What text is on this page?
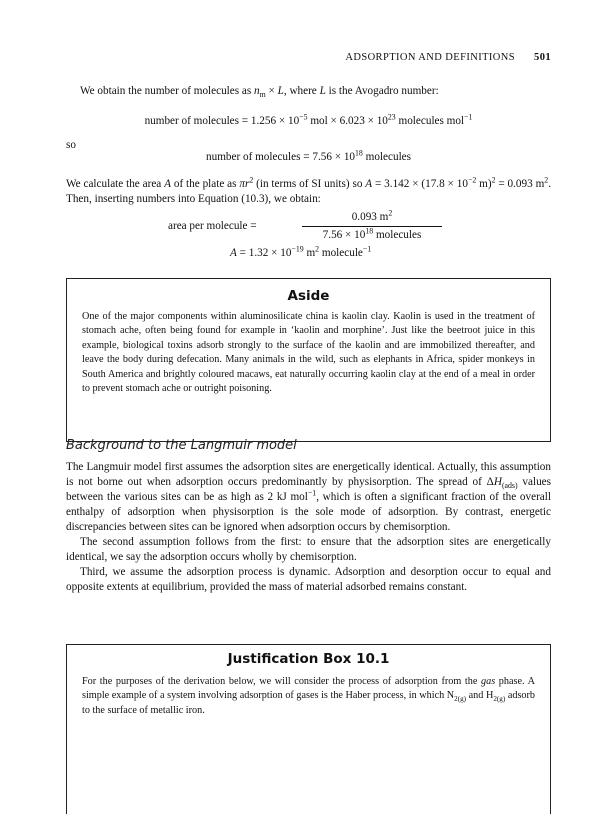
ADSORPTION AND DEFINITIONS 501

We obtain the number of molecules as $n_m \times L$, where L is the Avogadro number:

number of molecules = $1.256 \times 10^{-5}$ mol × $6.023 \times 10^{23}$ molecules mol$^{-1}$

so

number of molecules = $7.56 \times 10^{18}$ molecules

We calculate the area A of the plate as $\pi r^2$ (in terms of SI units) so $A = 3.142 \times (17.8 \times 10^{-2}$ m)$^2$ = 0.093 $m^2$. Then, inserting numbers into Equation (10.3), we obtain:

area per molecule =
0.093 $m^2$
$7.56 \times 10^{18}$ molecules
$A = 1.32 \times 10^{-19}$ $m^2$ molecule$^{-1}$
Aside

One of the major components within aluminosilicate china is kaolin clay. Kaolin is used in the treatment of stomach ache, often being found for example in ‘kaolin and morphine’. Just like the beetroot juice in this example, biological toxins adsorb strongly to the surface of the kaolin and are immobilized thereafter, and leave the body during defecation. Many animals in the wild, such as elephants in Africa, spider monkeys in South America and brightly coloured macaws, eat naturally occurring kaolin clay at the end of a meal in order to prevent stomach ache or outright poisoning.

Background to the Langmuir model

The Langmuir model first assumes the adsorption sites are energetically identical. Actually, this assumption is not borne out when adsorption occurs predominantly by physisorption. The spread of $\Delta H_{(ads)}$ values between the various sites can be as high as 2 kJ mol$^{-1}$, which is often a significant fraction of the overall enthalpy of adsorption when physisorption is the sole mode of adsorption. By contrast, energetic discrepancies between sites can be ignored when adsorption occurs by chemisorption.

The second assumption follows from the first: to ensure that the adsorption sites are energetically identical, we say the adsorption occurs wholly by chemisorption.

Third, we assume the adsorption process is dynamic. Adsorption and desorption occur to equal and opposite extents at equilibrium, provided the mass of material adsorbed remains constant.

Justification Box 10.1

For the purposes of the derivation below, we will consider the process of adsorption from the gas phase. A simple example of a system involving adsorption of gases is the Haber process, in which $N_{2(g)}$ and $H_{2(g)}$ adsorb to the surface of metallic iron.
